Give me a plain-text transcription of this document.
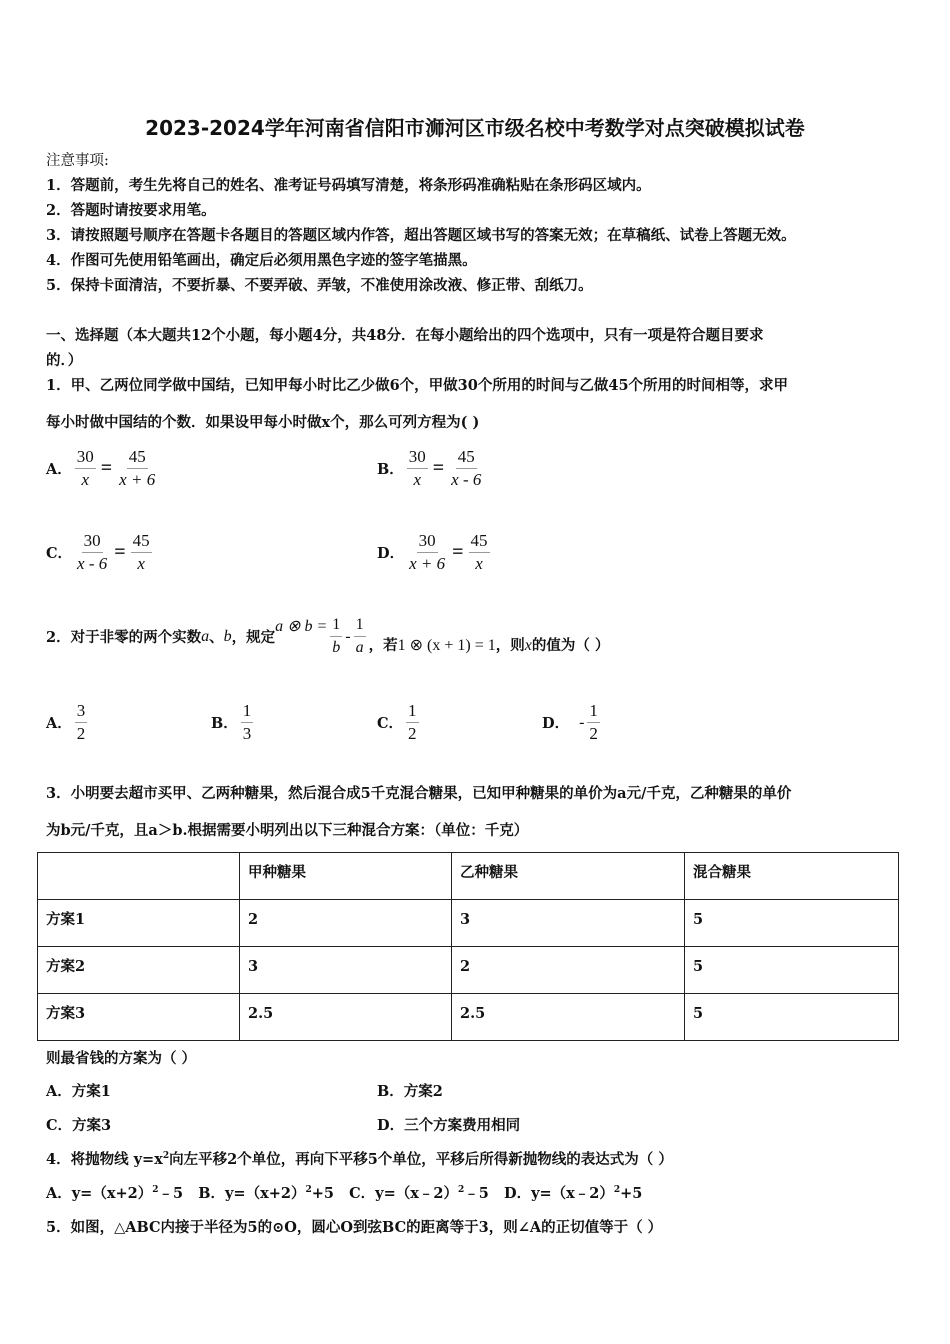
2023-2024学年河南省信阳市浉河区市级名校中考数学对点突破模拟试卷
注意事项:
1．答题前，考生先将自己的姓名、准考证号码填写清楚，将条形码准确粘贴在条形码区域内。
2．答题时请按要求用笔。
3．请按照题号顺序在答题卡各题目的答题区域内作答，超出答题区域书写的答案无效；在草稿纸、试卷上答题无效。
4．作图可先使用铅笔画出，确定后必须用黑色字迹的签字笔描黑。
5．保持卡面清洁，不要折暴、不要弄破、弄皱，不准使用涂改液、修正带、刮纸刀。
一、选择题（本大题共12个小题，每小题4分，共48分．在每小题给出的四个选项中，只有一项是符合题目要求
的．）
1．甲、乙两位同学做中国结，已知甲每小时比乙少做6个，甲做30个所用的时间与乙做45个所用的时间相等，求甲
每小时做中国结的个数．如果设甲每小时做x个，那么可列方程为( )
A． $\frac{30}{x} = \frac{45}{x + 6}$	B． $\frac{30}{x} = \frac{45}{x - 6}$
C． $\frac{30}{x - 6} = \frac{45}{x}$	D． $\frac{30}{x + 6} = \frac{45}{x}$
2．对于非零的两个实数 a 、 b ，规定
a ⊗ $b = \frac{1}{b} - \frac{1}{a}$ ，若 1 ⊗ (x + 1) = 1 ，则 x 的值为（ ）
A． $\frac{3}{2}$	B． $\frac{1}{3}$	C． $\frac{1}{2}$	D． - $\frac{1}{2}$
3．小明要去超市买甲、乙两种糖果，然后混合成5千克混合糖果，已知甲种糖果的单价为a元/千克，乙种糖果的单价
为b元/千克，且a＞b.根据需要小明列出以下三种混合方案：（单位：千克）
	甲种糖果	乙种糖果	混合糖果
方案1	2	3	5
方案2	3	2	5
方案3	2.5	2.5	5
则最省钱的方案为（ ）
A．方案1	B．方案2
C．方案3	D．三个方案费用相同
4．将抛物线 $y=x^2$向左平移2个单位，再向下平移5个单位，平移后所得新抛物线的表达式为（ ）
A．$y=(x+2)^2﹣5$ B．$y=(x+2)^2+5$ C．y=（x﹣2）$^2$﹣5 D．y=（x﹣2）$^2$+5
5．如图，△ABC内接于半径为5的⊙O，圆心O到弦BC的距离等于3，则∠A的正切值等于（ ）
